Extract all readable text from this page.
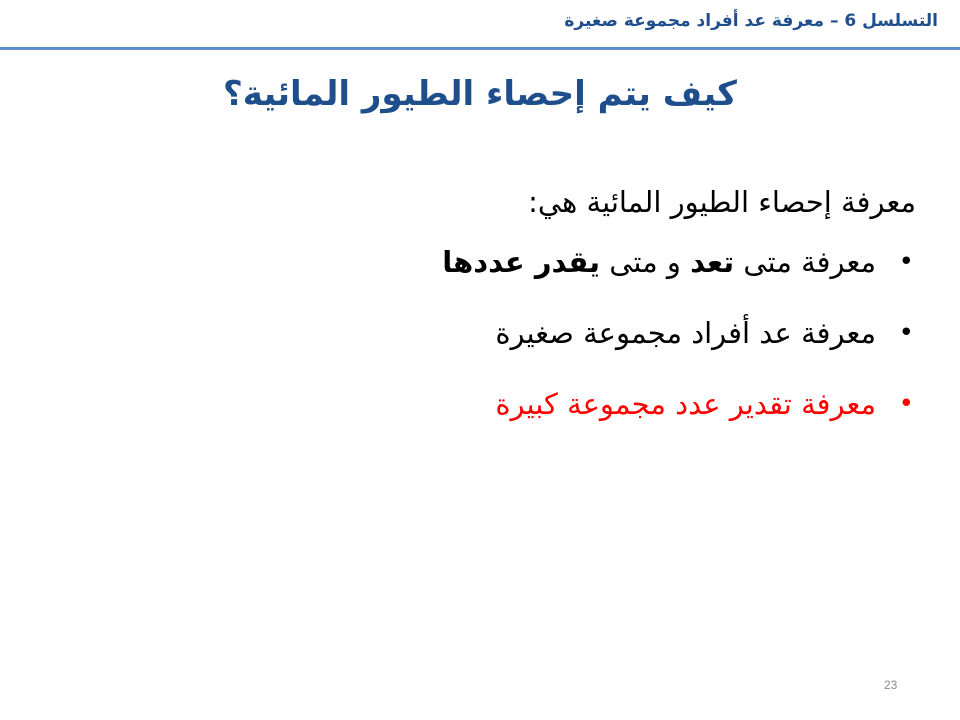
التسلسل 6 – معرفة عد أفراد مجموعة صغيرة
كيف يتم إحصاء الطيور المائية؟

معرفة إحصاء الطيور المائية هي:

•
معرفة متى تعد و متى يقدر عددها
•
معرفة عد أفراد مجموعة صغيرة
•
معرفة تقدير عدد مجموعة كبيرة
23
